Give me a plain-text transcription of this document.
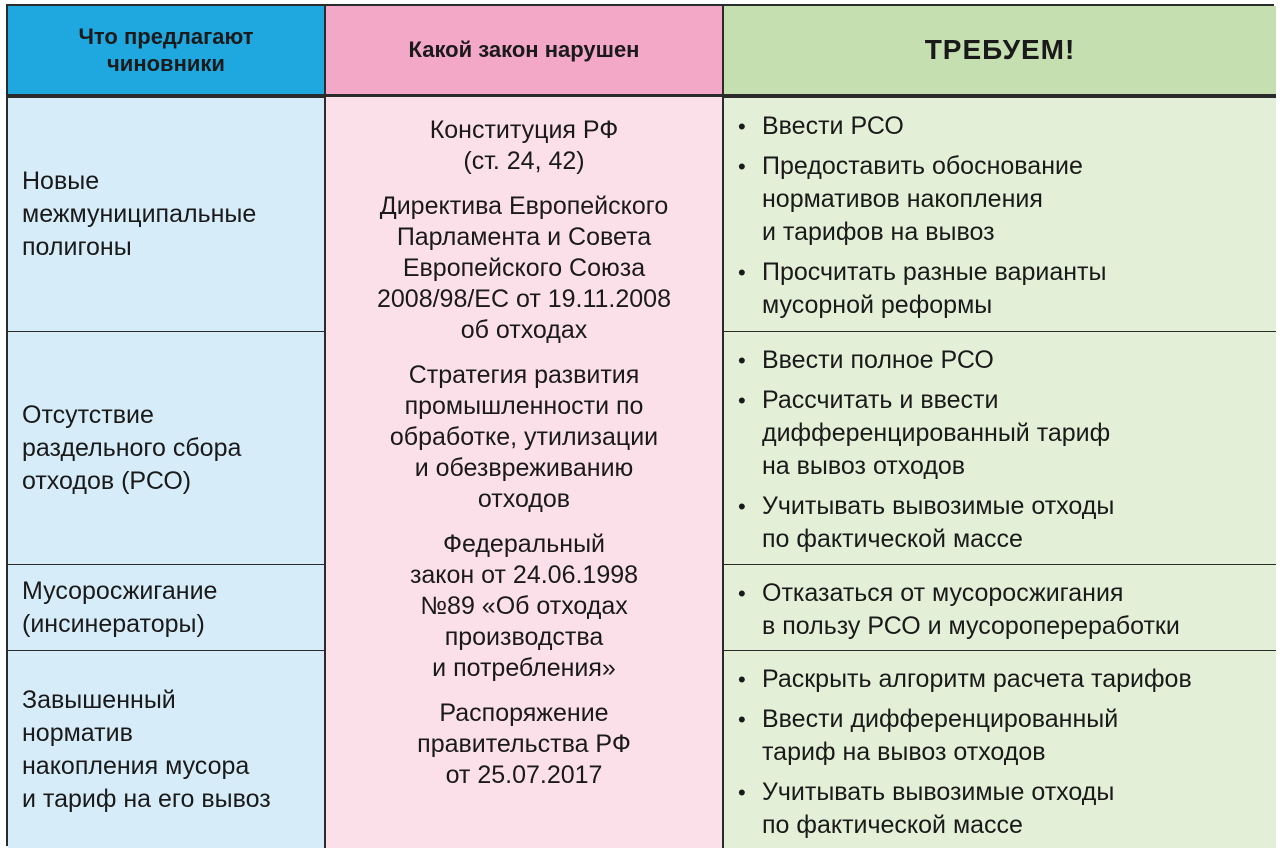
Что предлагают
чиновники
Какой закон нарушен	ТРЕБУЕМ!
Новые
межмуниципальные
полигоны

Конституция РФ
(ст. 24, 42)

Директива Европейского
Парламента и Совета
Европейского Союза
2008/98/ЕС от 19.11.2008
об отходах

Стратегия развития
промышленности по
обработке, утилизации
и обезвреживанию
отходов

Федеральный
закон от 24.06.1998
№89 «Об отходах
производства
и потребления»

Распоряжение
правительства РФ
от 25.07.2017

• Ввести РСО
• Предоставить обоснование
нормативов накопления
и тарифов на вывоз
• Просчитать разные варианты
мусорной реформы
Отсутствие
раздельного сбора
отходов (РСО)
• Ввести полное РСО
• Рассчитать и ввести
дифференцированный тариф
на вывоз отходов
• Учитывать вывозимые отходы
по фактической массе
Мусоросжигание
(инсинераторы)
• Отказаться от мусоросжигания
в пользу РСО и мусоропереработки
Завышенный
норматив
накопления мусора
и тариф на его вывоз
• Раскрыть алгоритм расчета тарифов
• Ввести дифференцированный
тариф на вывоз отходов
• Учитывать вывозимые отходы
по фактической массе
